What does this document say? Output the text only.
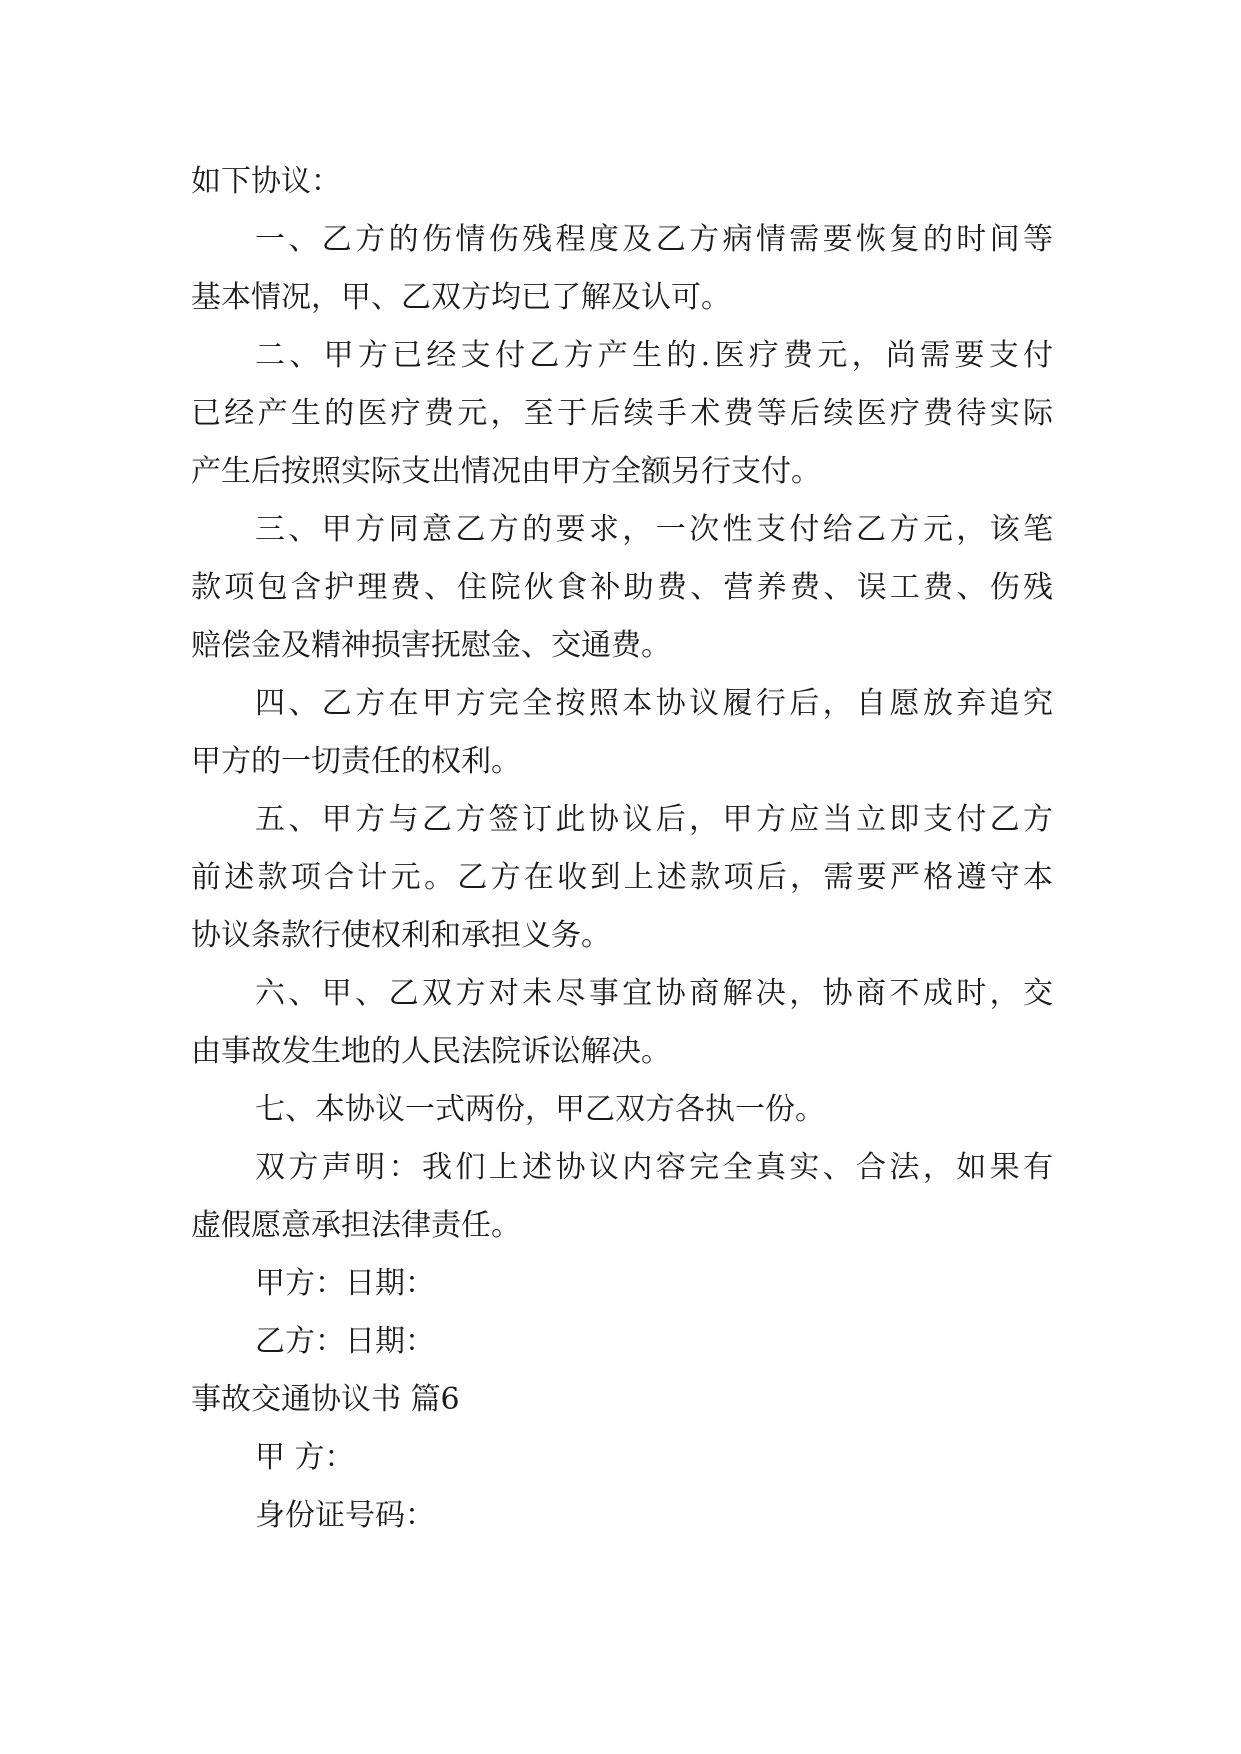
如下协议：
一、乙方的伤情伤残程度及乙方病情需要恢复的时间等
基本情况，甲、乙双方均已了解及认可。
二、甲方已经支付乙方产生的.医疗费元，尚需要支付
已经产生的医疗费元，至于后续手术费等后续医疗费待实际
产生后按照实际支出情况由甲方全额另行支付。
三、甲方同意乙方的要求，一次性支付给乙方元，该笔
款项包含护理费、住院伙食补助费、营养费、误工费、伤残
赔偿金及精神损害抚慰金、交通费。
四、乙方在甲方完全按照本协议履行后，自愿放弃追究
甲方的一切责任的权利。
五、甲方与乙方签订此协议后，甲方应当立即支付乙方
前述款项合计元。乙方在收到上述款项后，需要严格遵守本
协议条款行使权利和承担义务。
六、甲、乙双方对未尽事宜协商解决，协商不成时，交
由事故发生地的人民法院诉讼解决。
七、本协议一式两份，甲乙双方各执一份。
双方声明：我们上述协议内容完全真实、合法，如果有
虚假愿意承担法律责任。
甲方：日期：
乙方：日期：
事故交通协议书 篇6
甲 方：
身份证号码：
